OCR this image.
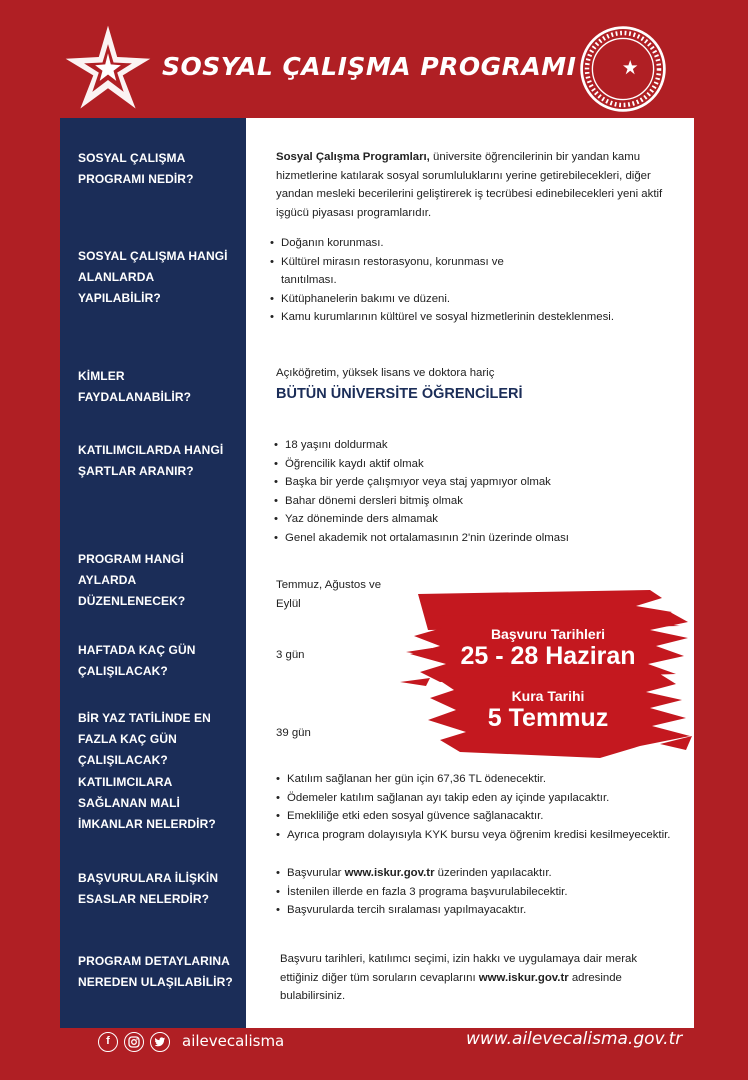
SOSYAL ÇALIŞMA PROGRAMI
SOSYAL ÇALIŞMA PROGRAMI NEDİR?
SOSYAL ÇALIŞMA HANGİ ALANLARDA YAPILABİLİR?
KİMLER FAYDALANABİLİR?
KATILIMCILARDA HANGİ ŞARTLAR ARANIR?
PROGRAM HANGİ AYLARDA DÜZENLENECEK?
HAFTADA KAÇ GÜN ÇALIŞILACAK?
BİR YAZ TATİLİNDE EN FAZLA KAÇ GÜN ÇALIŞILACAK?
KATILIMCILARA SAĞLANAN MALİ İMKANLAR NELERDİR?
BAŞVURULARA İLİŞKİN ESASLAR NELERDİR?
PROGRAM DETAYLARINA NEREDEN ULAŞILABİLİR?
Sosyal Çalışma Programları, üniversite öğrencilerinin bir yandan kamu hizmetlerine katılarak sosyal sorumluluklarını yerine getirebilecekleri, diğer yandan mesleki becerilerini geliştirerek iş tecrübesi edinebilecekleri yeni aktif işgücü piyasası programlarıdır.
• Doğanın korunması.
• Kültürel mirasın restorasyonu, korunması ve tanıtılması.
• Kütüphanelerin bakımı ve düzeni.
• Kamu kurumlarının kültürel ve sosyal hizmetlerinin desteklenmesi.
Açıköğretim, yüksek lisans ve doktora hariç
BÜTÜN ÜNİVERSİTE ÖĞRENCİLERİ
• 18 yaşını doldurmak
• Öğrencilik kaydı aktif olmak
• Başka bir yerde çalışmıyor veya staj yapmıyor olmak
• Bahar dönemi dersleri bitmiş olmak
• Yaz döneminde ders almamak
• Genel akademik not ortalamasının 2'nin üzerinde olması
Temmuz, Ağustos ve Eylül
3 gün
39 gün
• Katılım sağlanan her gün için 67,36 TL ödenecektir.
• Ödemeler katılım sağlanan ayı takip eden ay içinde yapılacaktır.
• Emekliliğe etki eden sosyal güvence sağlanacaktır.
• Ayrıca program dolayısıyla KYK bursu veya öğrenim kredisi kesilmeyecektir.
• Başvurular www.iskur.gov.tr üzerinden yapılacaktır.
• İstenilen illerde en fazla 3 programa başvurulabilecektir.
• Başvurularda tercih sıralaması yapılmayacaktır.
Başvuru tarihleri, katılımcı seçimi, izin hakkı ve uygulamaya dair merak ettiğiniz diğer tüm soruların cevaplarını www.iskur.gov.tr adresinde bulabilirsiniz.
Başvuru Tarihleri
25 - 28 Haziran
Kura Tarihi
5 Temmuz
f	ailevecalisma	www.ailevecalisma.gov.tr
